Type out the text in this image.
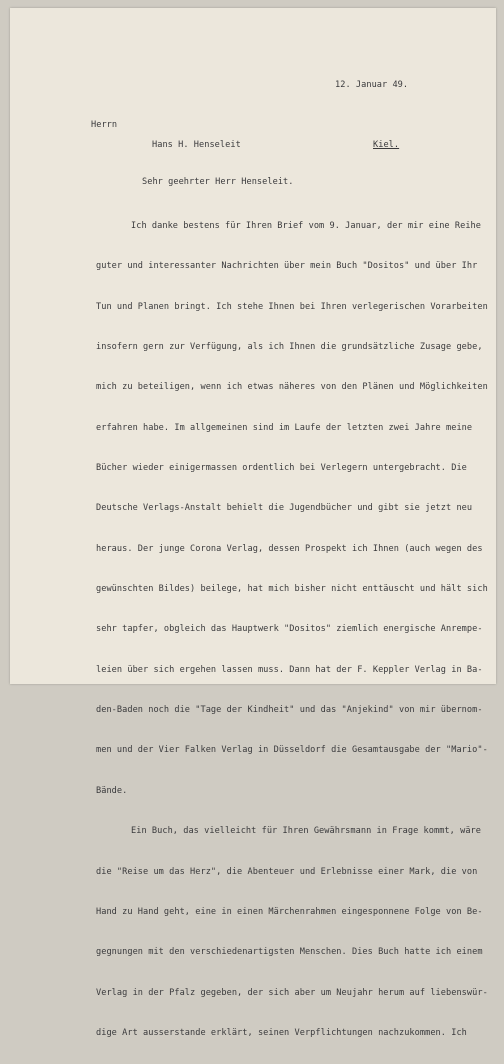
12. Januar 49.
Herrn
Hans H. Henseleit	Kiel.
Sehr geehrter Herr Henseleit.

Ich danke bestens für Ihren Brief vom 9. Januar, der mir eine Reihe

guter und interessanter Nachrichten über mein Buch "Dositos" und über Ihr

Tun und Planen bringt. Ich stehe Ihnen bei Ihren verlegerischen Vorarbeiten

insofern gern zur Verfügung, als ich Ihnen die grundsätzliche Zusage gebe,

mich zu beteiligen, wenn ich etwas näheres von den Plänen und Möglichkeiten

erfahren habe. Im allgemeinen sind im Laufe der letzten zwei Jahre meine

Bücher wieder einigermassen ordentlich bei Verlegern untergebracht. Die

Deutsche Verlags-Anstalt behielt die Jugendbücher und gibt sie jetzt neu

heraus. Der junge Corona Verlag, dessen Prospekt ich Ihnen (auch wegen des

gewünschten Bildes) beilege, hat mich bisher nicht enttäuscht und hält sich

sehr tapfer, obgleich das Hauptwerk "Dositos" ziemlich energische Anrempe-

leien über sich ergehen lassen muss. Dann hat der F. Keppler Verlag in Ba-

den-Baden noch die "Tage der Kindheit" und das "Anjekind" von mir übernom-

men und der Vier Falken Verlag in Düsseldorf die Gesamtausgabe der "Mario"-

Bände.

Ein Buch, das vielleicht für Ihren Gewährsmann in Frage kommt, wäre

die "Reise um das Herz", die Abenteuer und Erlebnisse einer Mark, die von

Hand zu Hand geht, eine in einen Märchenrahmen eingesponnene Folge von Be-

gegnungen mit den verschiedenartigsten Menschen. Dies Buch hatte ich einem

Verlag in der Pfalz gegeben, der sich aber um Neujahr herum auf liebenswür-

dige Art ausserstande erklärt, seinen Verpflichtungen nachzukommen. Ich
